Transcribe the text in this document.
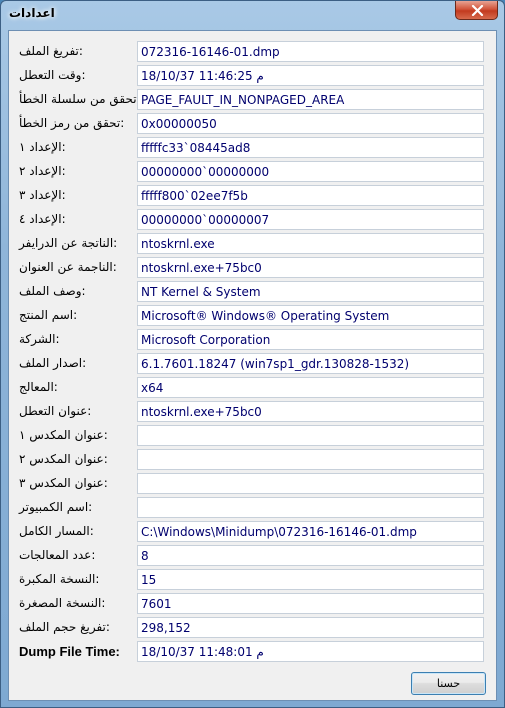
اعدادات
تفريغ الملف:	072316-16146-01.dmp
وقت التعطل:	18/10/37 11:46:25 م
تحقق من سلسلة الخطأ	PAGE_FAULT_IN_NONPAGED_AREA
تحقق من رمز الخطأ:	0x00000050
الإعداد ١:	fffffc33`08445ad8
الإعداد ٢:	00000000`00000000
الإعداد ٣:	fffff800`02ee7f5b
الإعداد ٤:	00000000`00000007
الناتجة عن الدرايفر:	ntoskrnl.exe
الناجمة عن العنوان:	ntoskrnl.exe+75bc0
وصف الملف:	NT Kernel & System
اسم المنتج:	Microsoft® Windows® Operating System
الشركة:	Microsoft Corporation
اصدار الملف:	6.1.7601.18247 (win7sp1_gdr.130828-1532)
المعالج:	x64
عنوان التعطل:	ntoskrnl.exe+75bc0
عنوان المكدس ١:
عنوان المكدس ٢:
عنوان المكدس ٣:
اسم الكمبيوتر:
المسار الكامل:	C:\Windows\Minidump\072316-16146-01.dmp
عدد المعالجات:	8
النسخة المكبرة:	15
النسخة المصغرة:	7601
تفريغ حجم الملف:	298,152
Dump File Time:	18/10/37 11:48:01 م
حسنا
